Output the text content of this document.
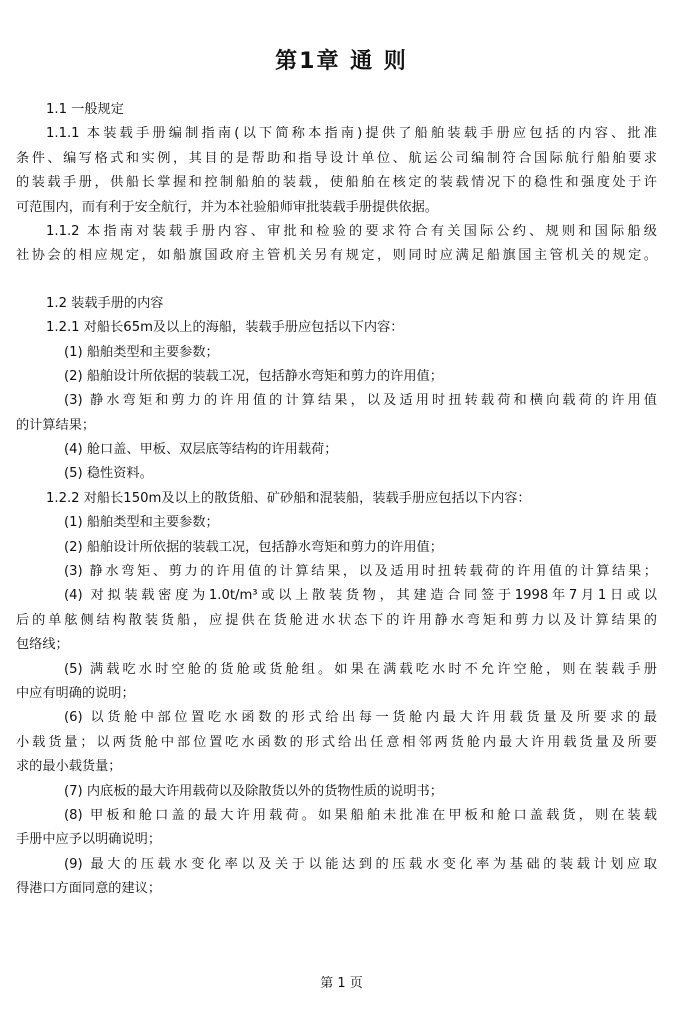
第1章 通 则
1.1 一般规定
1.1.1 本装载手册编制指南(以下简称本指南)提供了船舶装载手册应包括的内容、批准
条件、编写格式和实例，其目的是帮助和指导设计单位、航运公司编制符合国际航行船舶要求
的装载手册，供船长掌握和控制船舶的装载，使船舶在核定的装载情况下的稳性和强度处于许
可范围内，而有利于安全航行，并为本社验船师审批装载手册提供依据。
1.1.2 本指南对装载手册内容、审批和检验的要求符合有关国际公约、规则和国际船级
社协会的相应规定，如船旗国政府主管机关另有规定，则同时应满足船旗国主管机关的规定。
1.2 装载手册的内容
1.2.1 对船长65m及以上的海船，装载手册应包括以下内容：
(1) 船舶类型和主要参数；
(2) 船舶设计所依据的装载工况，包括静水弯矩和剪力的许用值；
(3) 静水弯矩和剪力的许用值的计算结果，以及适用时扭转载荷和横向载荷的许用值
的计算结果；
(4) 舱口盖、甲板、双层底等结构的许用载荷；
(5) 稳性资料。
1.2.2 对船长150m及以上的散货船、矿砂船和混装船，装载手册应包括以下内容：
(1) 船舶类型和主要参数；
(2) 船舶设计所依据的装载工况，包括静水弯矩和剪力的许用值；
(3) 静水弯矩、剪力的许用值的计算结果，以及适用时扭转载荷的许用值的计算结果；
(4) 对拟装载密度为1.0t/m³或以上散装货物，其建造合同签于1998年7月1日或以
后的单舷侧结构散装货船，应提供在货舱进水状态下的许用静水弯矩和剪力以及计算结果的
包络线；
(5) 满载吃水时空舱的货舱或货舱组。如果在满载吃水时不允许空舱，则在装载手册
中应有明确的说明；
(6) 以货舱中部位置吃水函数的形式给出每一货舱内最大许用载货量及所要求的最
小载货量；以两货舱中部位置吃水函数的形式给出任意相邻两货舱内最大许用载货量及所要
求的最小载货量；
(7) 内底板的最大许用载荷以及除散货以外的货物性质的说明书；
(8) 甲板和舱口盖的最大许用载荷。如果船舶未批准在甲板和舱口盖载货，则在装载
手册中应予以明确说明；
(9) 最大的压载水变化率以及关于以能达到的压载水变化率为基础的装载计划应取
得港口方面同意的建议；
第 1 页
